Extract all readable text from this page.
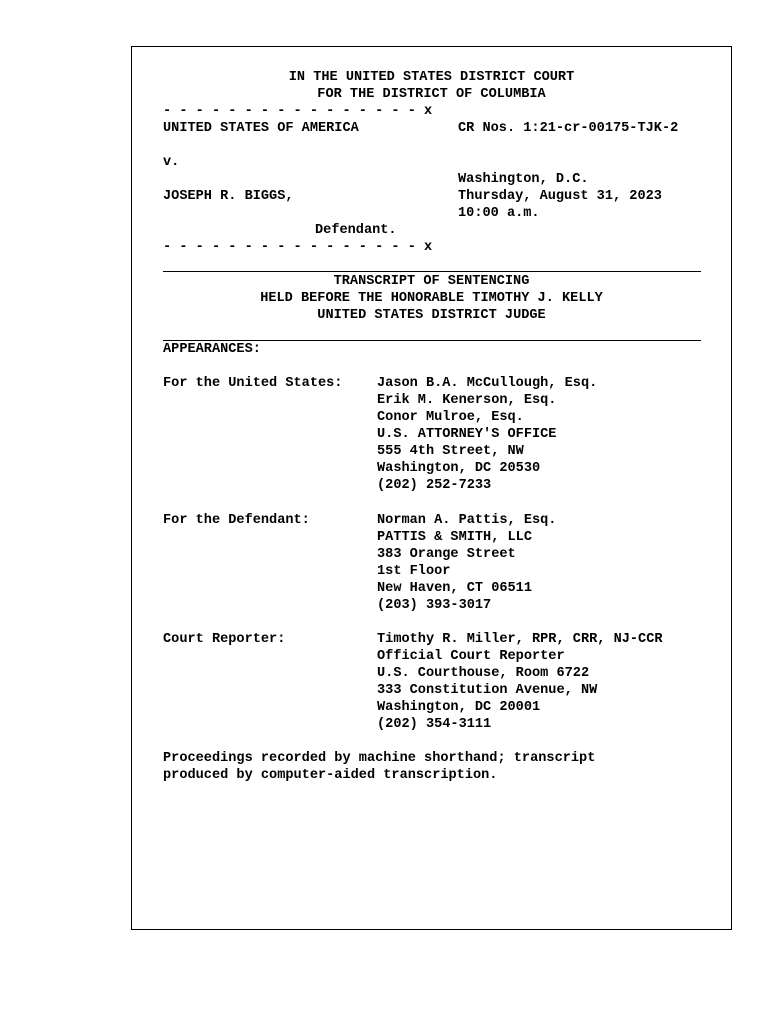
IN THE UNITED STATES DISTRICT COURT
FOR THE DISTRICT OF COLUMBIA
- - - - - - - - - - - - - - - - x
UNITED STATES OF AMERICA	CR Nos. 1:21-cr-00175-TJK-2
v.
Washington, D.C.
JOSEPH R. BIGGS,	Thursday, August 31, 2023
10:00 a.m.
Defendant.
- - - - - - - - - - - - - - - - x
TRANSCRIPT OF SENTENCING
HELD BEFORE THE HONORABLE TIMOTHY J. KELLY
UNITED STATES DISTRICT JUDGE
APPEARANCES:
For the United States:	Jason B.A. McCullough, Esq.
Erik M. Kenerson, Esq.
Conor Mulroe, Esq.
U.S. ATTORNEY'S OFFICE
555 4th Street, NW
Washington, DC 20530
(202) 252-7233
For the Defendant:	Norman A. Pattis, Esq.
PATTIS & SMITH, LLC
383 Orange Street
1st Floor
New Haven, CT 06511
(203) 393-3017
Court Reporter:	Timothy R. Miller, RPR, CRR, NJ-CCR
Official Court Reporter
U.S. Courthouse, Room 6722
333 Constitution Avenue, NW
Washington, DC 20001
(202) 354-3111
Proceedings recorded by machine shorthand; transcript
produced by computer-aided transcription.
